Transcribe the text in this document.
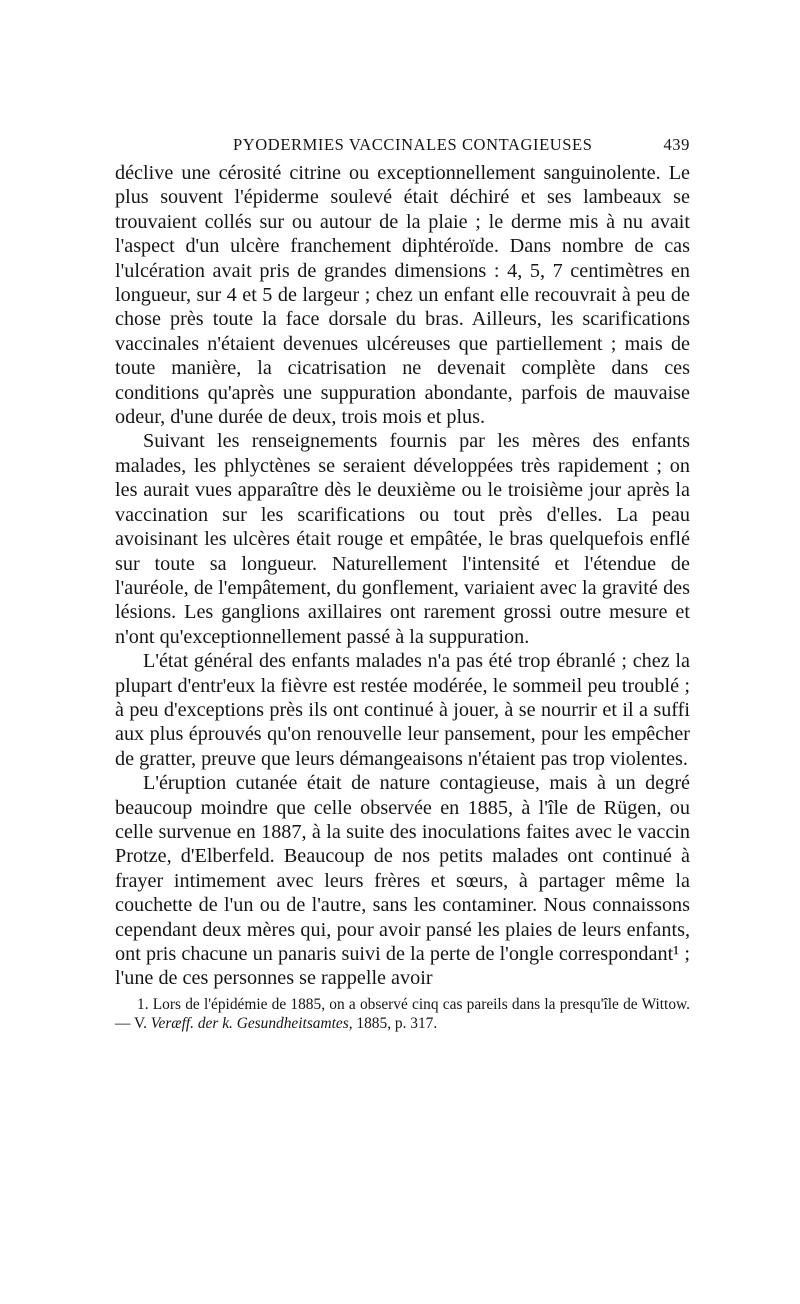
PYODERMIES VACCINALES CONTAGIEUSES	439

déclive une cérosité citrine ou exceptionnellement sanguinolente. Le plus souvent l'épiderme soulevé était déchiré et ses lambeaux se trouvaient collés sur ou autour de la plaie ; le derme mis à nu avait l'aspect d'un ulcère franchement diphtéroïde. Dans nombre de cas l'ulcération avait pris de grandes dimensions : 4, 5, 7 centimètres en longueur, sur 4 et 5 de largeur ; chez un enfant elle recouvrait à peu de chose près toute la face dorsale du bras. Ailleurs, les scarifications vaccinales n'étaient devenues ulcéreuses que partiellement ; mais de toute manière, la cicatrisation ne devenait complète dans ces conditions qu'après une suppuration abondante, parfois de mauvaise odeur, d'une durée de deux, trois mois et plus.

Suivant les renseignements fournis par les mères des enfants malades, les phlyctènes se seraient développées très rapidement ; on les aurait vues apparaître dès le deuxième ou le troisième jour après la vaccination sur les scarifications ou tout près d'elles. La peau avoisinant les ulcères était rouge et empâtée, le bras quelquefois enflé sur toute sa longueur. Naturellement l'intensité et l'étendue de l'auréole, de l'empâtement, du gonflement, variaient avec la gravité des lésions. Les ganglions axillaires ont rarement grossi outre mesure et n'ont qu'exceptionnellement passé à la suppuration.

L'état général des enfants malades n'a pas été trop ébranlé ; chez la plupart d'entr'eux la fièvre est restée modérée, le sommeil peu troublé ; à peu d'exceptions près ils ont continué à jouer, à se nourrir et il a suffi aux plus éprouvés qu'on renouvelle leur pansement, pour les empêcher de gratter, preuve que leurs démangeaisons n'étaient pas trop violentes.

L'éruption cutanée était de nature contagieuse, mais à un degré beaucoup moindre que celle observée en 1885, à l'île de Rügen, ou celle survenue en 1887, à la suite des inoculations faites avec le vaccin Protze, d'Elberfeld. Beaucoup de nos petits malades ont continué à frayer intimement avec leurs frères et sœurs, à partager même la couchette de l'un ou de l'autre, sans les contaminer. Nous connaissons cependant deux mères qui, pour avoir pansé les plaies de leurs enfants, ont pris chacune un panaris suivi de la perte de l'ongle correspondant¹ ; l'une de ces personnes se rappelle avoir

1. Lors de l'épidémie de 1885, on a observé cinq cas pareils dans la presqu'île de Wittow. — V. Veræff. der k. Gesundheitsamtes, 1885, p. 317.
